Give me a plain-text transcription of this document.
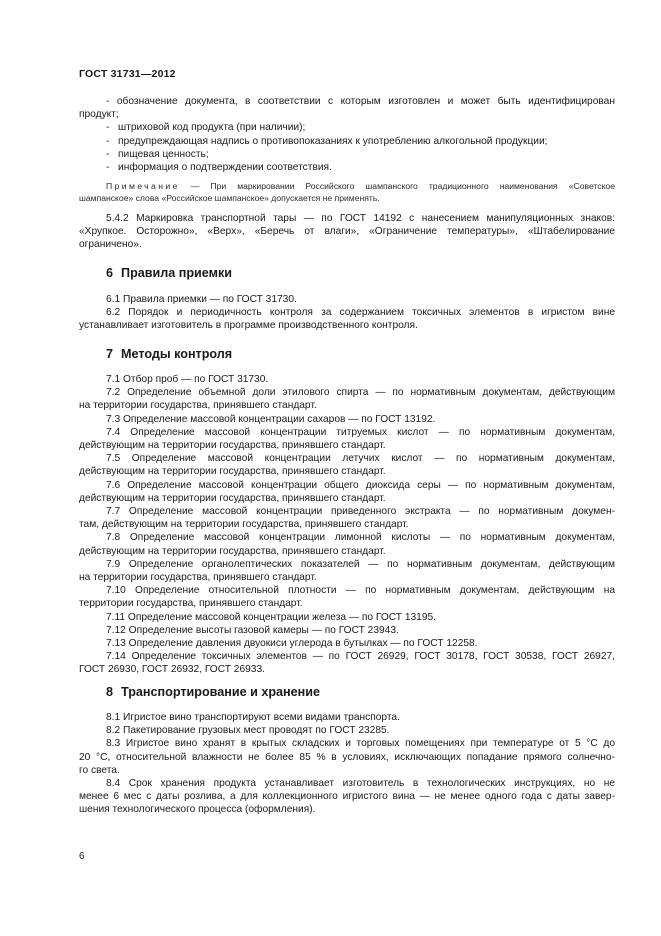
ГОСТ 31731—2012
- обозначение документа, в соответствии с которым изготовлен и может быть идентифицирован
продукт;
- штриховой код продукта (при наличии);
- предупреждающая надпись о противопоказаниях к употреблению алкогольной продукции;
- пищевая ценность;
- информация о подтверждении соответствия.
Примечание — При маркировании Российского шампанского традиционного наименования «Советское
шампанское» слова «Российское шампанское» допускается не применять.
5.4.2 Маркировка транспортной тары — по ГОСТ 14192 с нанесением манипуляционных знаков:
«Хрупкое. Осторожно», «Верх», «Беречь от влаги», «Ограничение температуры», «Штабелирование
ограничено».
6 Правила приемки
6.1 Правила приемки — по ГОСТ 31730.
6.2 Порядок и периодичность контроля за содержанием токсичных элементов в игристом вине
устанавливает изготовитель в программе производственного контроля.
7 Методы контроля
7.1 Отбор проб — по ГОСТ 31730.
7.2 Определение объемной доли этилового спирта — по нормативным документам, действующим
на территории государства, принявшего стандарт.
7.3 Определение массовой концентрации сахаров — по ГОСТ 13192.
7.4 Определение массовой концентрации титруемых кислот — по нормативным документам,
действующим на территории государства, принявшего стандарт.
7.5 Определение массовой концентрации летучих кислот — по нормативным документам,
действующим на территории государства, принявшего стандарт.
7.6 Определение массовой концентрации общего диоксида серы — по нормативным документам,
действующим на территории государства, принявшего стандарт.
7.7 Определение массовой концентрации приведенного экстракта — по нормативным докумен-
там, действующим на территории государства, принявшего стандарт.
7.8 Определение массовой концентрации лимонной кислоты — по нормативным документам,
действующим на территории государства, принявшего стандарт.
7.9 Определение органолептических показателей — по нормативным документам, действующим
на территории государства, принявшего стандарт.
7.10 Определение относительной плотности — по нормативным документам, действующим на
территории государства, принявшего стандарт.
7.11 Определение массовой концентрации железа — по ГОСТ 13195.
7.12 Определение высоты газовой камеры — по ГОСТ 23943.
7.13 Определение давления двуокиси углерода в бутылках — по ГОСТ 12258.
7.14 Определение токсичных элементов — по ГОСТ 26929, ГОСТ 30178, ГОСТ 30538, ГОСТ 26927,
ГОСТ 26930, ГОСТ 26932, ГОСТ 26933.
8 Транспортирование и хранение
8.1 Игристое вино транспортируют всеми видами транспорта.
8.2 Пакетирование грузовых мест проводят по ГОСТ 23285.
8.3 Игристое вино хранят в крытых складских и торговых помещениях при температуре от 5 °С до
20 °С, относительной влажности не более 85 % в условиях, исключающих попадание прямого солнечно-
го света.
8.4 Срок хранения продукта устанавливает изготовитель в технологических инструкциях, но не
менее 6 мес с даты розлива, а для коллекционного игристого вина — не менее одного года с даты завер-
шения технологического процесса (оформления).
6
